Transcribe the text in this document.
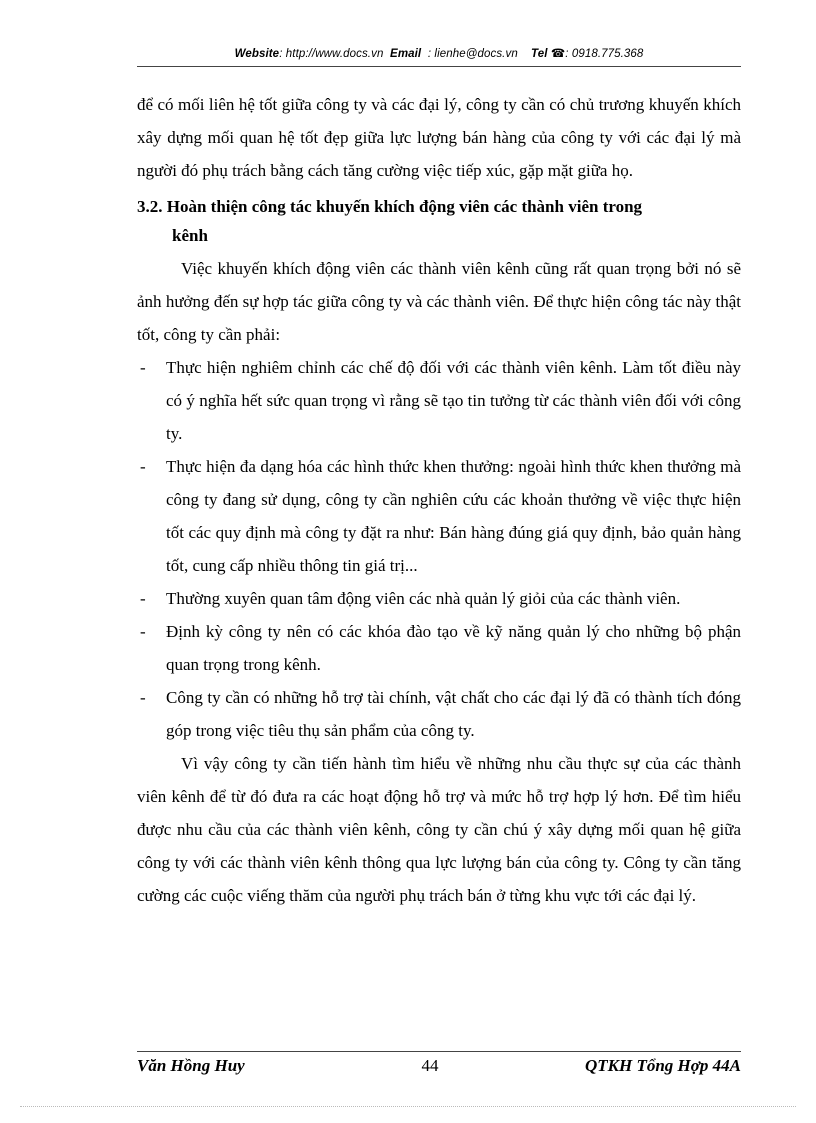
Website: http://www.docs.vn Email : lienhe@docs.vn Tel ☎: 0918.775.368

để có mối liên hệ tốt giữa công ty và các đại lý, công ty cần có chủ trương khuyến khích xây dựng mối quan hệ tốt đẹp giữa lực lượng bán hàng của công ty với các đại lý mà người đó phụ trách bằng cách tăng cường việc tiếp xúc, gặp mặt giữa họ.

3.2. Hoàn thiện công tác khuyến khích động viên các thành viên trong
kênh

Việc khuyến khích động viên các thành viên kênh cũng rất quan trọng bởi nó sẽ ảnh hưởng đến sự hợp tác giữa công ty và các thành viên. Để thực hiện công tác này thật tốt, công ty cần phải:

- Thực hiện nghiêm chỉnh các chế độ đối với các thành viên kênh. Làm tốt điều này có ý nghĩa hết sức quan trọng vì rằng sẽ tạo tin tưởng từ các thành viên đối với công ty.
- Thực hiện đa dạng hóa các hình thức khen thưởng: ngoài hình thức khen thưởng mà công ty đang sử dụng, công ty cần nghiên cứu các khoản thưởng về việc thực hiện tốt các quy định mà công ty đặt ra như: Bán hàng đúng giá quy định, bảo quản hàng tốt, cung cấp nhiều thông tin giá trị...
- Thường xuyên quan tâm động viên các nhà quản lý giỏi của các thành viên.
- Định kỳ công ty nên có các khóa đào tạo về kỹ năng quản lý cho những bộ phận quan trọng trong kênh.
- Công ty cần có những hỗ trợ tài chính, vật chất cho các đại lý đã có thành tích đóng góp trong việc tiêu thụ sản phẩm của công ty.

Vì vậy công ty cần tiến hành tìm hiểu về những nhu cầu thực sự của các thành viên kênh để từ đó đưa ra các hoạt động hỗ trợ và mức hỗ trợ hợp lý hơn. Để tìm hiểu được nhu cầu của các thành viên kênh, công ty cần chú ý xây dựng mối quan hệ giữa công ty với các thành viên kênh thông qua lực lượng bán của công ty. Công ty cần tăng cường các cuộc viếng thăm của người phụ trách bán ở từng khu vực tới các đại lý.

Văn Hồng Huy	44	QTKH Tổng Hợp 44A
